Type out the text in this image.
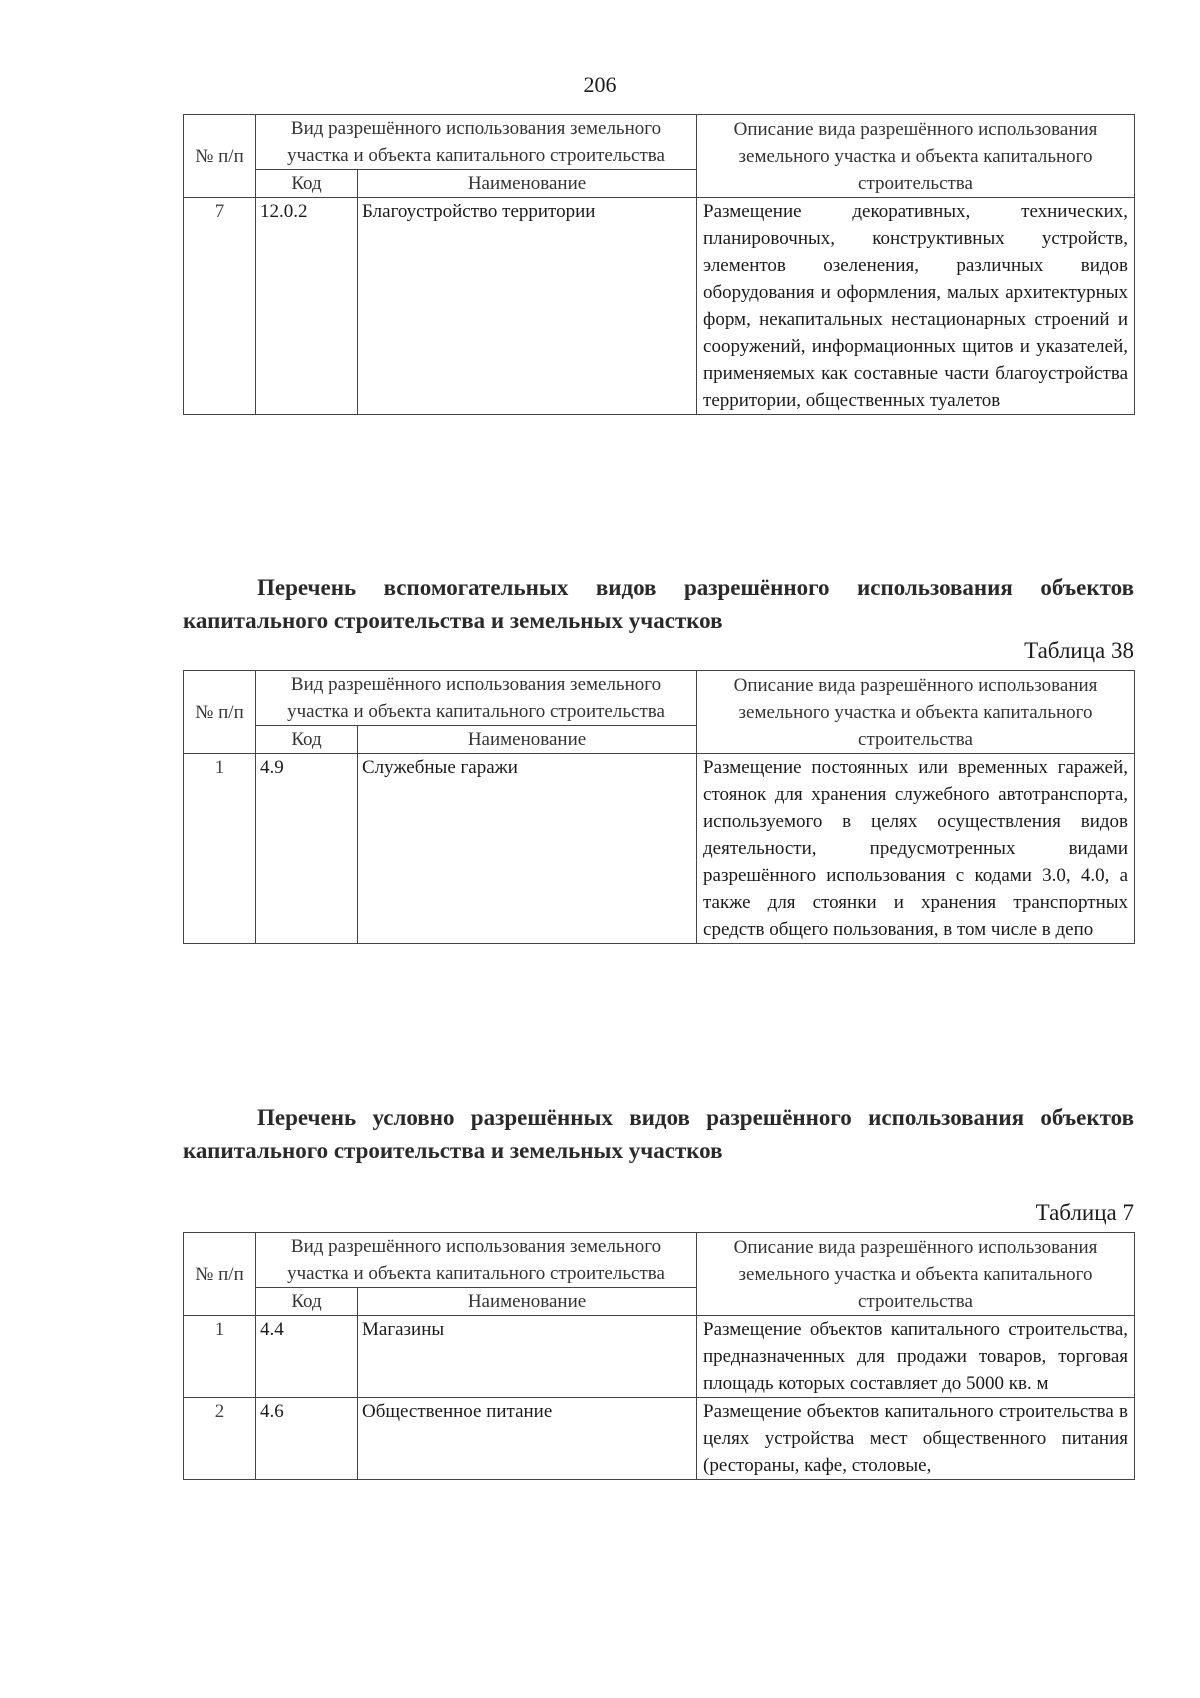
206
№ п/п	Вид разрешённого использования земельного участка и объекта капитального строительства		Описание вида разрешённого использования земельного участка и объекта капитального строительства
	Код	Наименование	
7	12.0.2	Благоустройство территории	Размещение декоративных, технических, планировочных, конструктивных устройств, элементов озеленения, различных видов оборудования и оформления, малых архитектурных форм, некапитальных нестационарных строений и сооружений, информационных щитов и указателей, применяемых как составные части благоустройства территории, общественных туалетов
Перечень вспомогательных видов разрешённого использования объектов капитального строительства и земельных участков
Таблица 38
№ п/п	Вид разрешённого использования земельного участка и объекта капитального строительства		Описание вида разрешённого использования земельного участка и объекта капитального строительства
	Код	Наименование	
1	4.9	Служебные гаражи	Размещение постоянных или временных гаражей, стоянок для хранения служебного автотранспорта, используемого в целях осуществления видов деятельности, предусмотренных видами разрешённого использования с кодами 3.0, 4.0, а также для стоянки и хранения транспортных средств общего пользования, в том числе в депо
Перечень условно разрешённых видов разрешённого использования объектов капитального строительства и земельных участков
Таблица 7
№ п/п	Вид разрешённого использования земельного участка и объекта капитального строительства		Описание вида разрешённого использования земельного участка и объекта капитального строительства
	Код	Наименование	
1	4.4	Магазины	Размещение объектов капитального строительства, предназначенных для продажи товаров, торговая площадь которых составляет до 5000 кв. м
2	4.6	Общественное питание	Размещение объектов капитального строительства в целях устройства мест общественного питания (рестораны, кафе, столовые,
